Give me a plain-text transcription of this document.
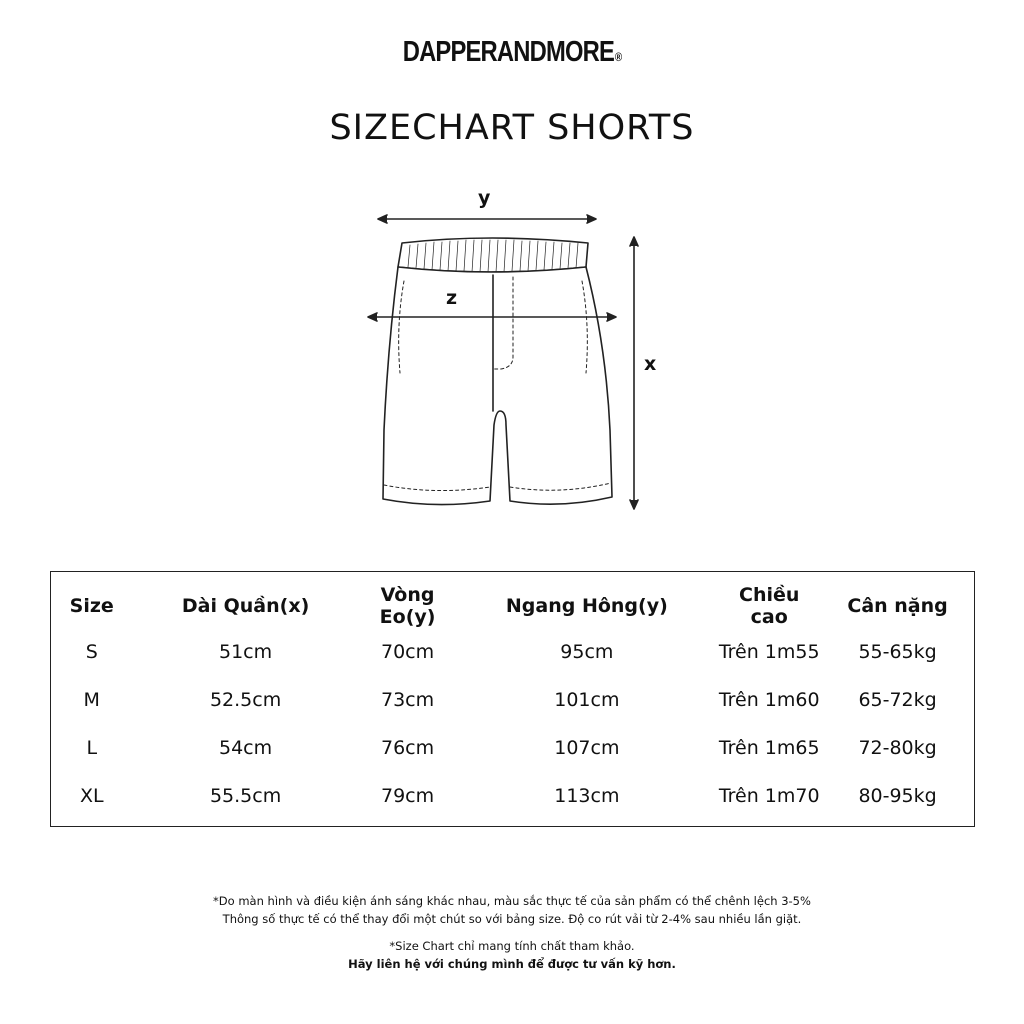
DAPPERANDMORE®
SIZECHART SHORTS
y
z
x
Size	Dài Quần(x)	Vòng Eo(y)	Ngang Hông(y)	Chiều cao	Cân nặng
S	51cm	70cm	95cm	Trên 1m55	55-65kg
M	52.5cm	73cm	101cm	Trên 1m60	65-72kg
L	54cm	76cm	107cm	Trên 1m65	72-80kg
XL	55.5cm	79cm	113cm	Trên 1m70	80-95kg

*Do màn hình và điều kiện ánh sáng khác nhau, màu sắc thực tế của sản phẩm có thể chênh lệch 3-5%

Thông số thực tế có thể thay đổi một chút so với bảng size. Độ co rút vải từ 2-4% sau nhiều lần giặt.

*Size Chart chỉ mang tính chất tham khảo.

Hãy liên hệ với chúng mình để được tư vấn kỹ hơn.
